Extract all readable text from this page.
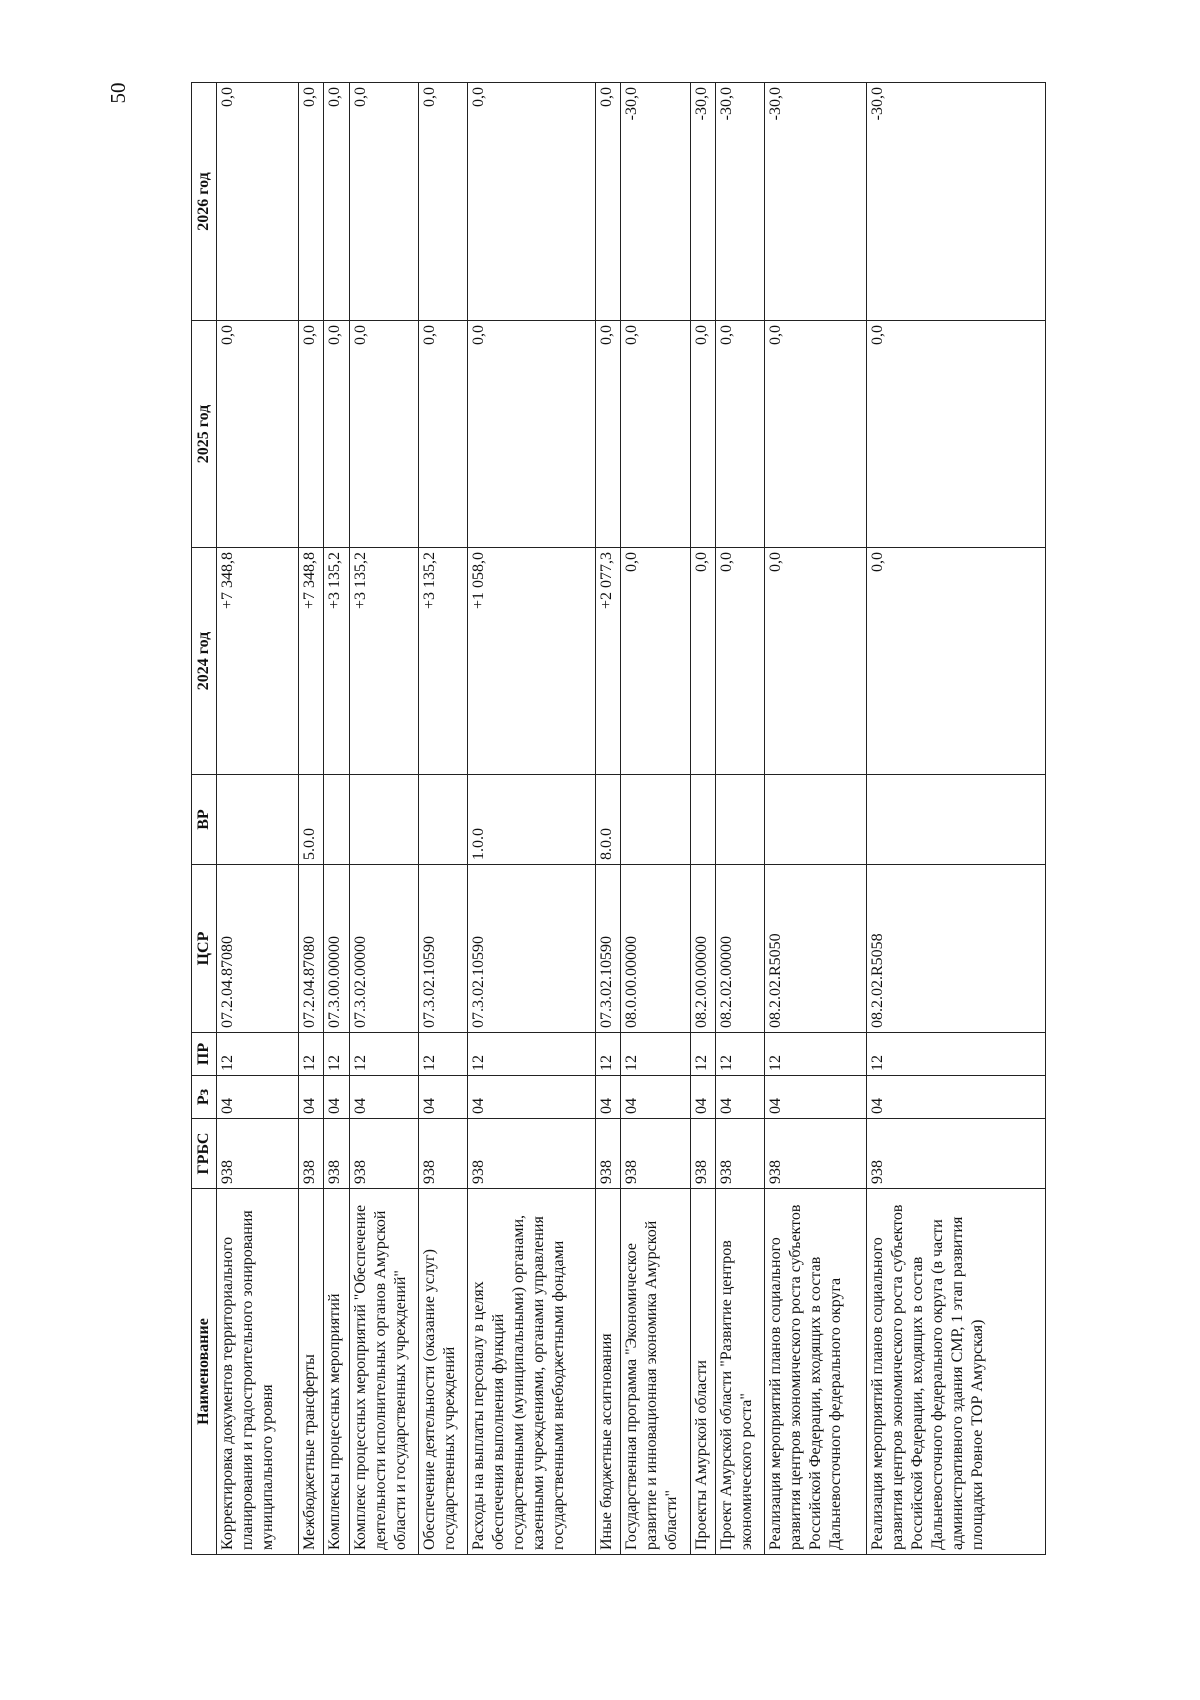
50
Наименование	ГРБС	Рз	ПР	ЦСР	ВР	2024 год	2025 год	2026 год
Корректировка документов территориального планирования и градостроительного зонирования муниципального уровня	938	04	12	07.2.04.87080		+7 348,8	0,0	0,0
Межбюджетные трансферты	938	04	12	07.2.04.87080	5.0.0	+7 348,8	0,0	0,0
Комплексы процессных мероприятий	938	04	12	07.3.00.00000		+3 135,2	0,0	0,0
Комплекс процессных мероприятий "Обеспечение деятельности исполнительных органов Амурской области и государственных учреждений"	938	04	12	07.3.02.00000		+3 135,2	0,0	0,0
Обеспечение деятельности (оказание услуг) государственных учреждений	938	04	12	07.3.02.10590		+3 135,2	0,0	0,0
Расходы на выплаты персоналу в целях обеспечения выполнения функций государственными (муниципальными) органами, казенными учреждениями, органами управления государственными внебюджетными фондами	938	04	12	07.3.02.10590	1.0.0	+1 058,0	0,0	0,0
Иные бюджетные ассигнования	938	04	12	07.3.02.10590	8.0.0	+2 077,3	0,0	0,0
Государственная программа "Экономическое развитие и инновационная экономика Амурской области"	938	04	12	08.0.00.00000		0,0	0,0	-30,0
Проекты Амурской области	938	04	12	08.2.00.00000		0,0	0,0	-30,0
Проект Амурской области "Развитие центров экономического роста"	938	04	12	08.2.02.00000		0,0	0,0	-30,0
Реализация мероприятий планов социального развития центров экономического роста субъектов Российской Федерации, входящих в состав Дальневосточного федерального округа	938	04	12	08.2.02.R5050		0,0	0,0	-30,0
Реализация мероприятий планов социального развития центров экономического роста субъектов Российской Федерации, входящих в состав Дальневосточного федерального округа (в части административного здания СМР, 1 этап развития площадки Ровное ТОР Амурская)	938	04	12	08.2.02.R5058		0,0	0,0	-30,0
